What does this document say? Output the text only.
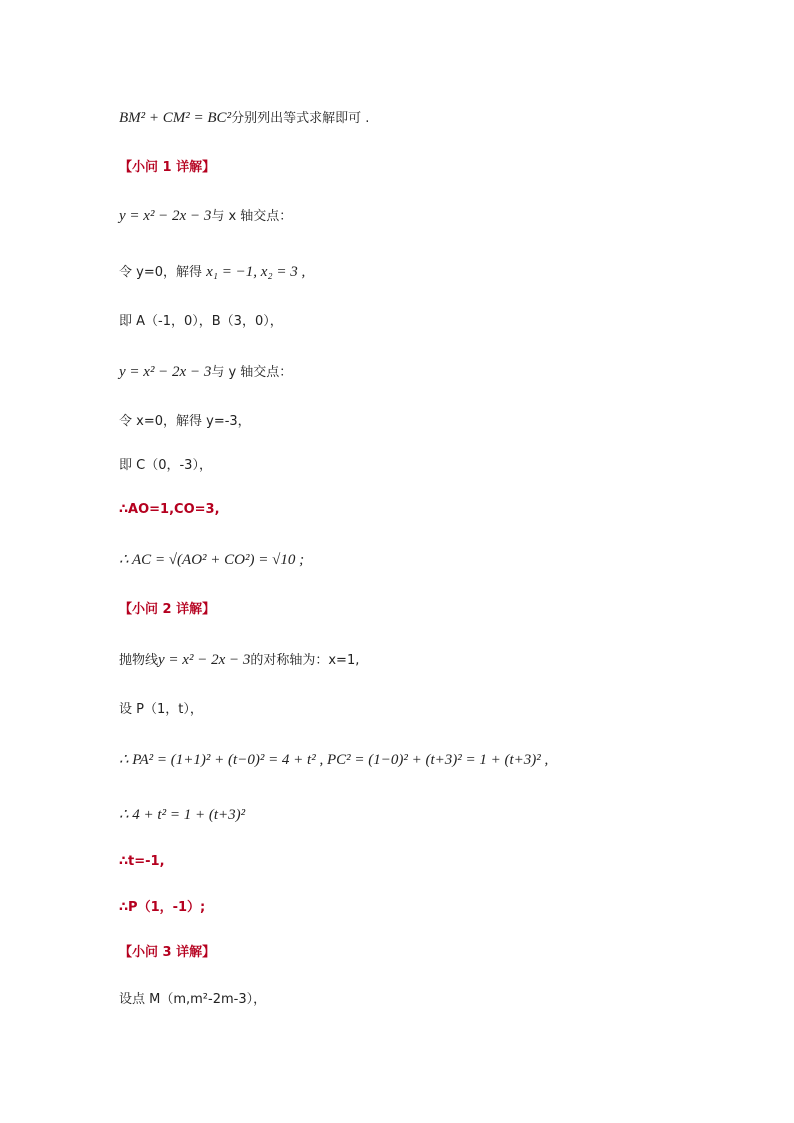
BM² + CM² = BC²分别列出等式求解即可 .
【小问 1 详解】
y = x² − 2x − 3与 x 轴交点：
令 y=0，解得 x₁ = −1, x₂ = 3 ,
即 A（-1，0），B（3，0），
y = x² − 2x − 3与 y 轴交点：
令 x=0，解得 y=-3，
即 C（0，-3），
∴AO=1,CO=3,
∴ AC = √(AO² + CO²) = √10 ;
【小问 2 详解】
抛物线y = x² − 2x − 3的对称轴为：x=1,
设 P（1，t），
∴ PA² = (1+1)² + (t−0)² = 4 + t² , PC² = (1−0)² + (t+3)² = 1 + (t+3)² ,
∴ 4 + t² = 1 + (t+3)²
∴t=-1,
∴P（1，-1）;
【小问 3 详解】
设点 M（m,m²-2m-3），
